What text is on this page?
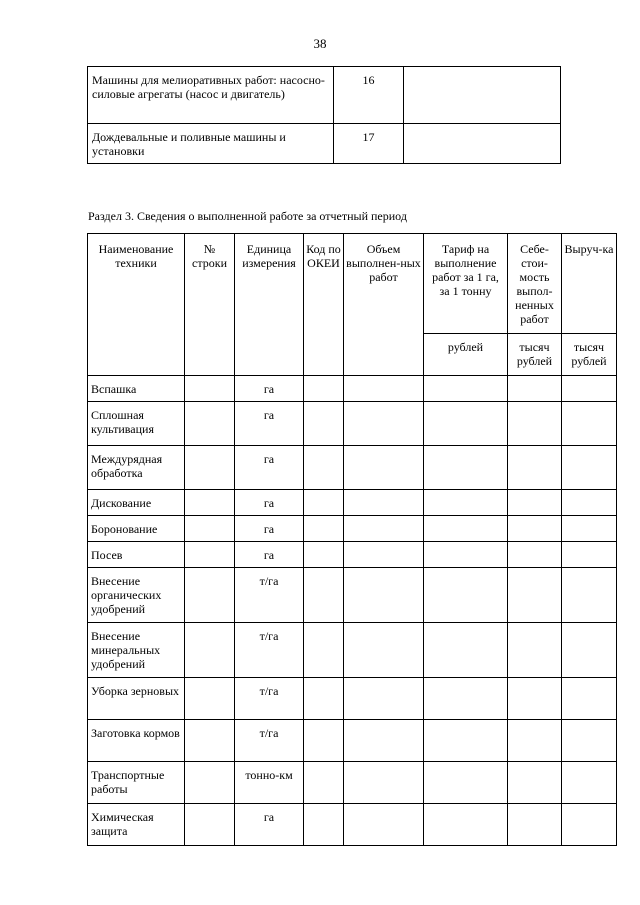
38
Машины для мелиоративных работ: насосно-силовые агрегаты (насос и двигатель)	16	
Дождевальные и поливные машины и установки	17	
Раздел 3. Сведения о выполненной работе за отчетный период
Наименование техники	№ строки	Единица измерения	Код по ОКЕИ	Объем выполнен-ных работ	Тариф на выполнение работ за 1 га, за 1 тонну	Себе-стои-мость выпол-ненных работ	Выруч-ка
					рублей	тысяч рублей	тысяч рублей
Вспашка		га					
Сплошная культивация		га					
Междурядная обработка		га					
Дискование		га					
Боронование		га					
Посев		га					
Внесение органических удобрений		т/га					
Внесение минеральных удобрений		т/га					
Уборка зерновых		т/га					
Заготовка кормов		т/га					
Транспортные работы		тонно-км					
Химическая защита		га					
